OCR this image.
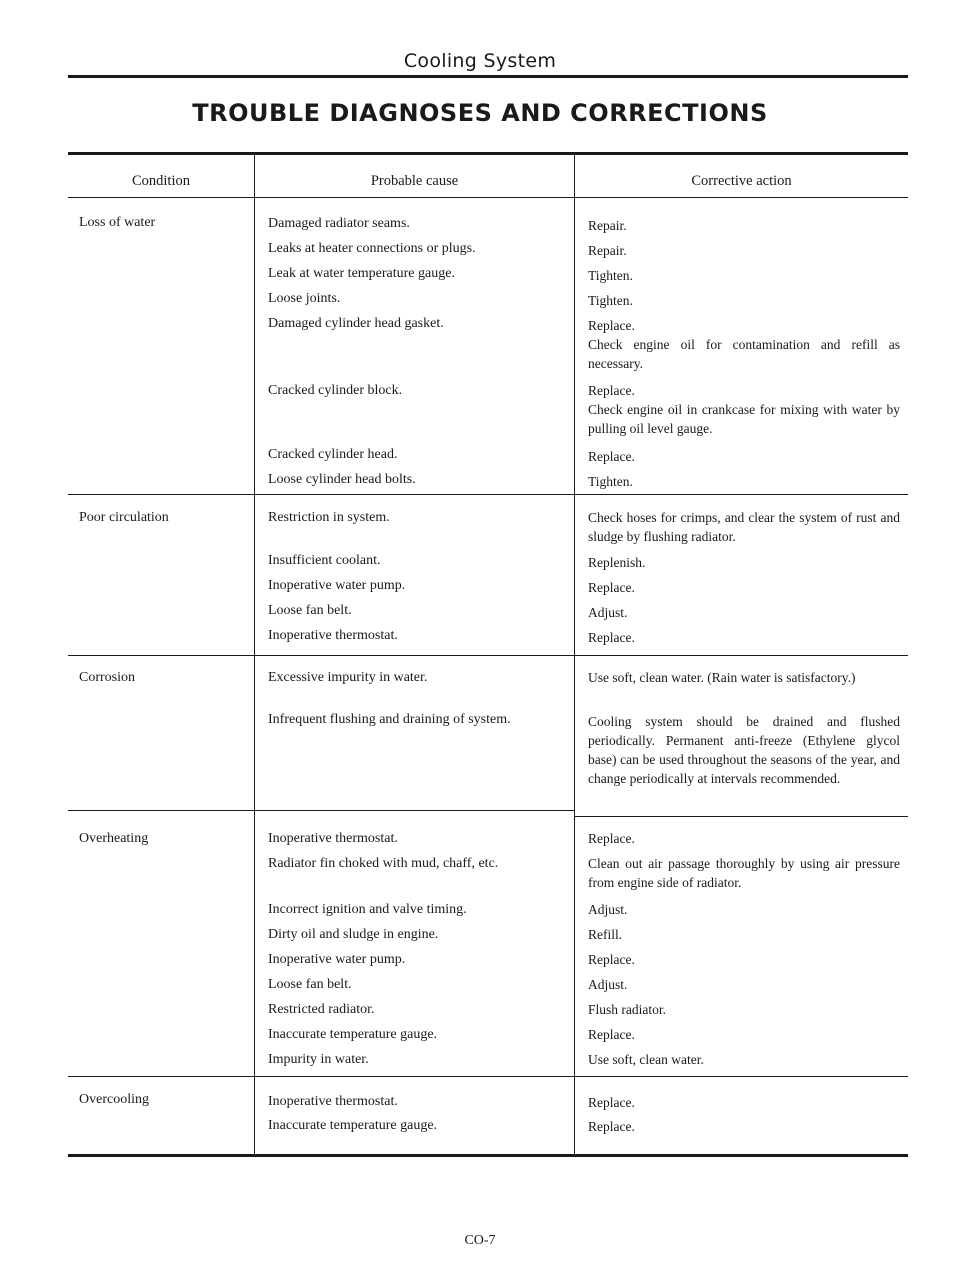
Cooling System
TROUBLE DIAGNOSES AND CORRECTIONS
Condition	Probable cause	Corrective action
Loss of water	Damaged radiator seams.	Repair.
Leaks at heater connections or plugs.	Repair.
Leak at water temperature gauge.	Tighten.
Loose joints.	Tighten.
Damaged cylinder head gasket.	Replace.
Check engine oil for contamination and refill as necessary.
Cracked cylinder block.	Replace.
Check engine oil in crankcase for mixing with water by pulling oil level gauge.
Cracked cylinder head.	Replace.
Loose cylinder head bolts.	Tighten.
Poor circulation	Restriction in system.	Check hoses for crimps, and clear the system of rust and sludge by flushing radiator.
Insufficient coolant.	Replenish.
Inoperative water pump.	Replace.
Loose fan belt.	Adjust.
Inoperative thermostat.	Replace.
Corrosion	Excessive impurity in water.	Use soft, clean water. (Rain water is satisfactory.)
Infrequent flushing and draining of system.	Cooling system should be drained and flushed periodically. Permanent anti-freeze (Ethylene glycol base) can be used throughout the seasons of the year, and change periodically at intervals recommended.
Overheating	Inoperative thermostat.	Replace.
Radiator fin choked with mud, chaff, etc.	Clean out air passage thoroughly by using air pressure from engine side of radiator.
Incorrect ignition and valve timing.	Adjust.
Dirty oil and sludge in engine.	Refill.
Inoperative water pump.	Replace.
Loose fan belt.	Adjust.
Restricted radiator.	Flush radiator.
Inaccurate temperature gauge.	Replace.
Impurity in water.	Use soft, clean water.
Overcooling	Inoperative thermostat.	Replace.
Inaccurate temperature gauge.	Replace.
CO-7
